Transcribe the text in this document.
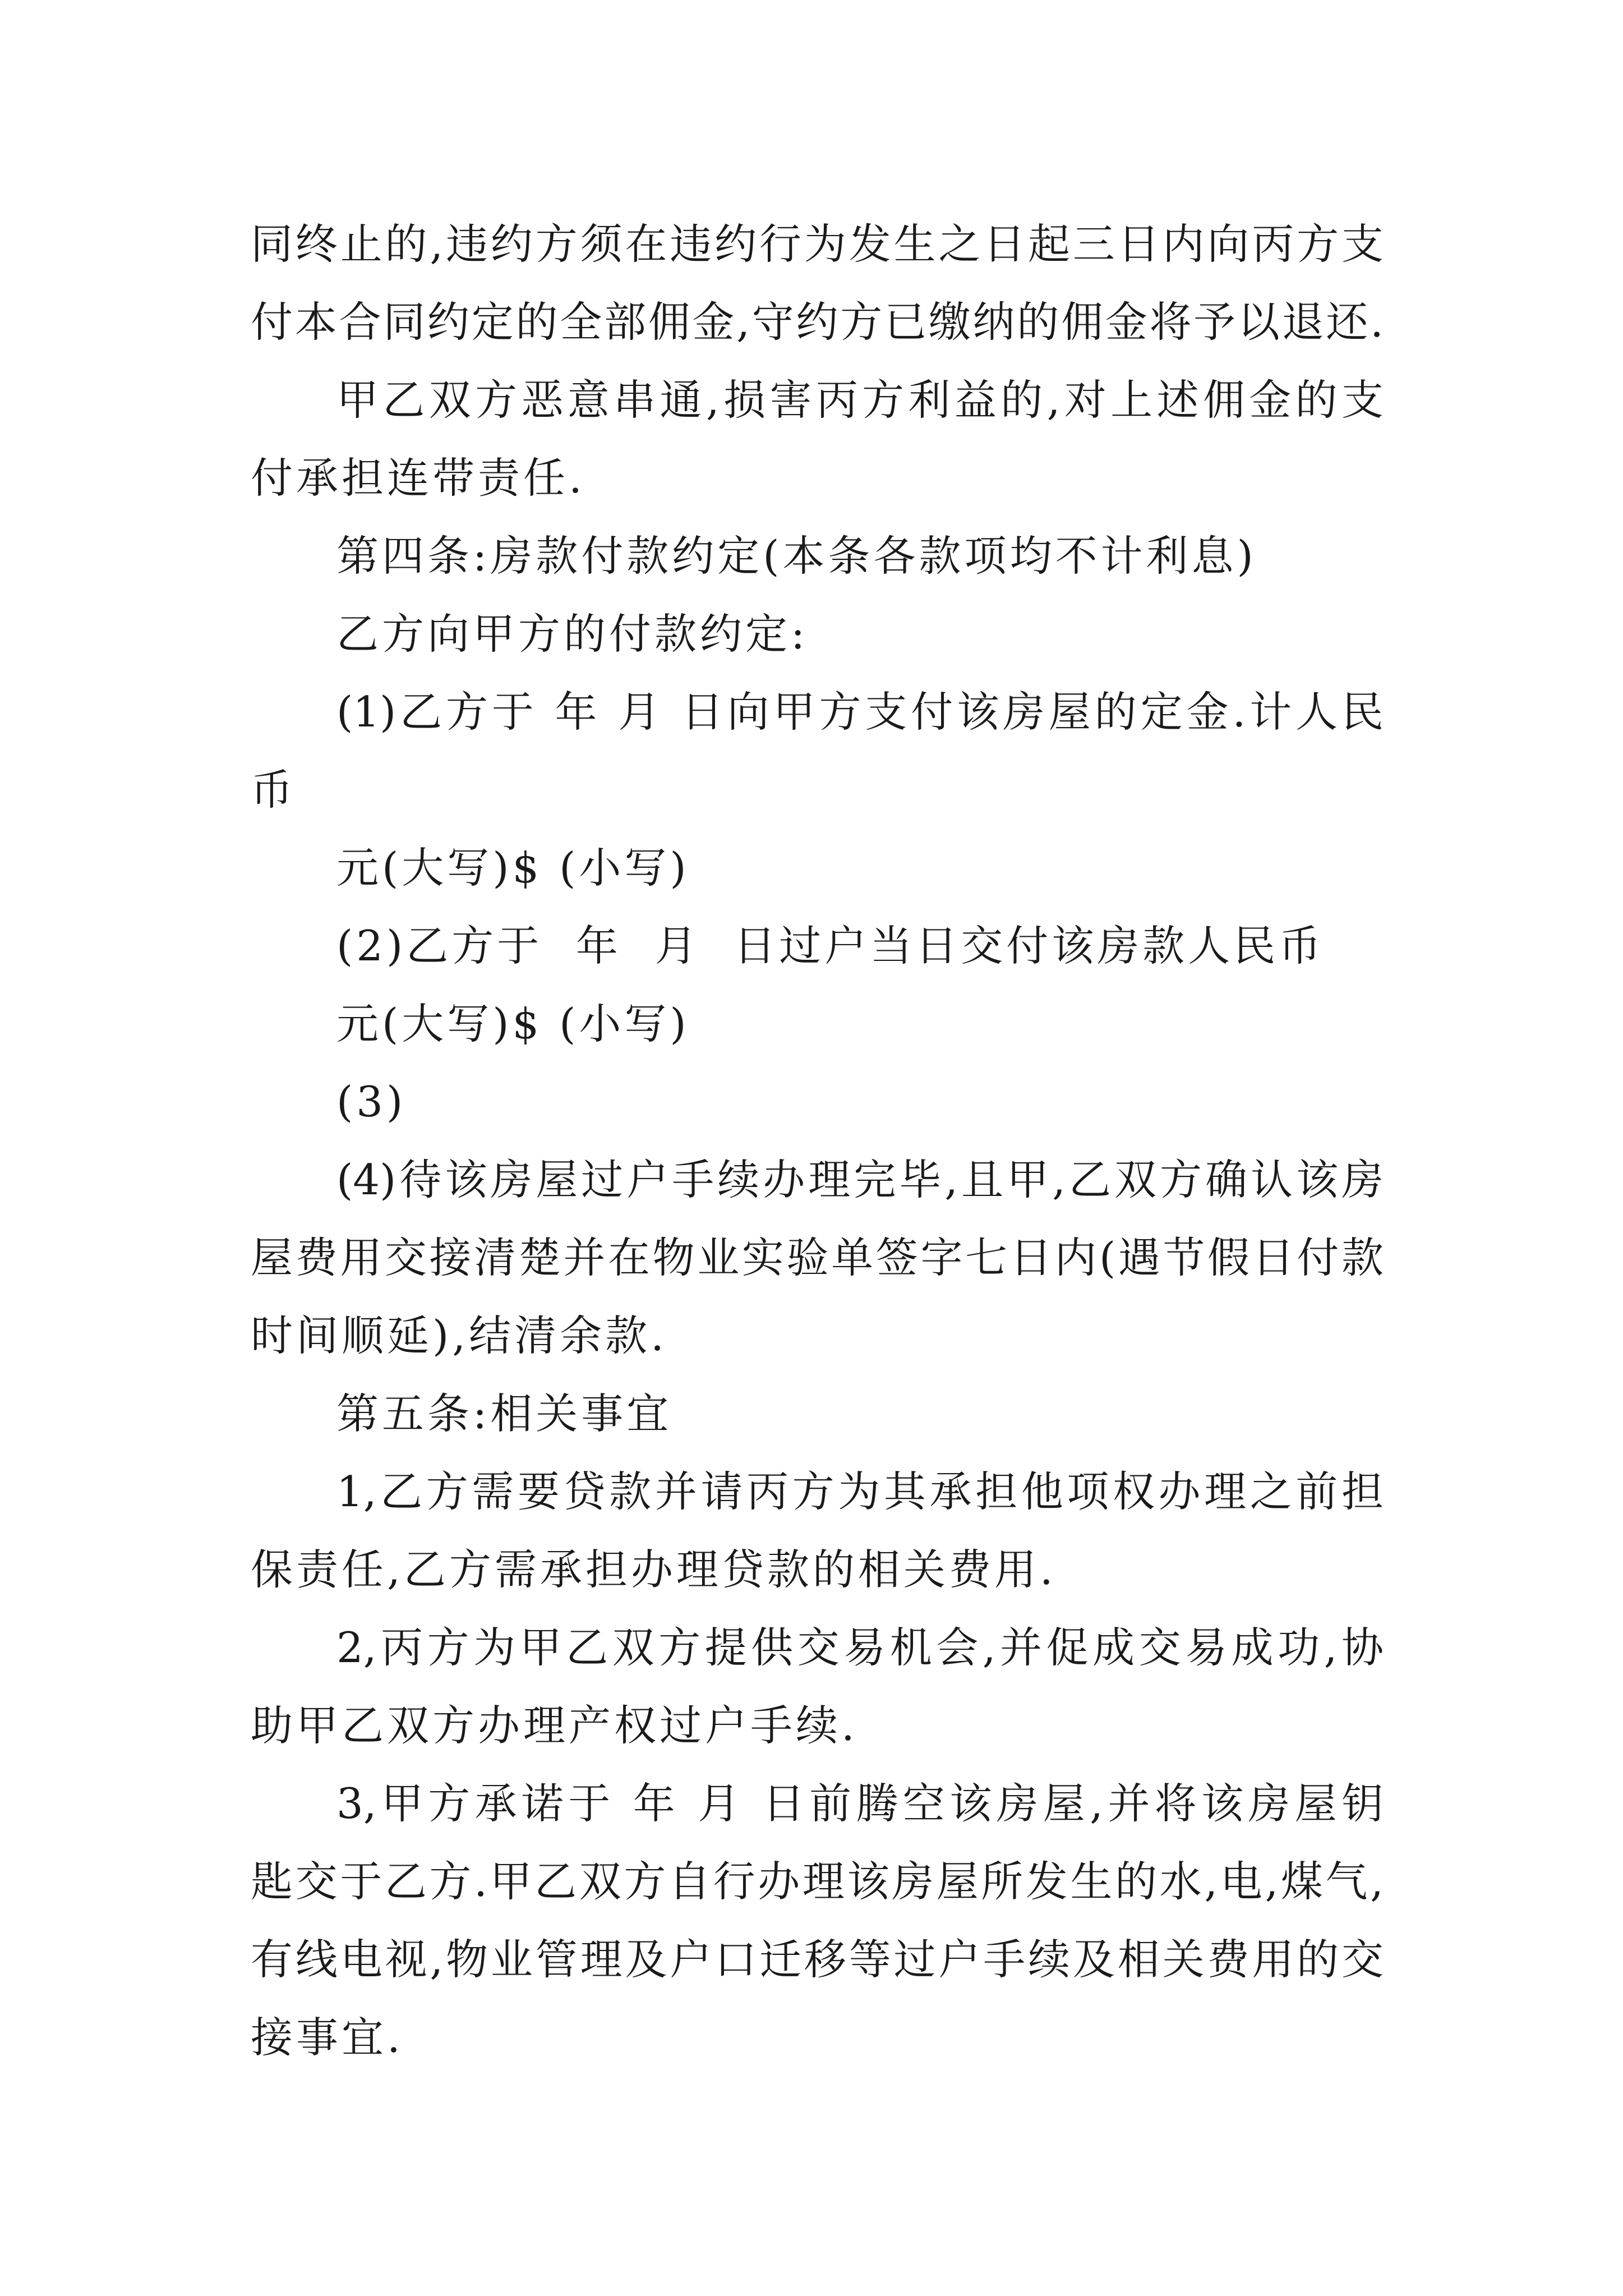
同终止的,违约方须在违约行为发生之日起三日内向丙方支
付本合同约定的全部佣金,守约方已缴纳的佣金将予以退还.
甲乙双方恶意串通,损害丙方利益的,对上述佣金的支
付承担连带责任.
第四条:房款付款约定(本条各款项均不计利息)
乙方向甲方的付款约定:
(1)乙方于 年 月 日向甲方支付该房屋的定金.计人民
币
元(大写)$ (小写)
(2)乙方于  年  月  日过户当日交付该房款人民币
元(大写)$ (小写)
(3)
(4)待该房屋过户手续办理完毕,且甲,乙双方确认该房
屋费用交接清楚并在物业实验单签字七日内(遇节假日付款
时间顺延),结清余款.
第五条:相关事宜
1,乙方需要贷款并请丙方为其承担他项权办理之前担
保责任,乙方需承担办理贷款的相关费用.
2,丙方为甲乙双方提供交易机会,并促成交易成功,协
助甲乙双方办理产权过户手续.
3,甲方承诺于 年 月 日前腾空该房屋,并将该房屋钥
匙交于乙方.甲乙双方自行办理该房屋所发生的水,电,煤气,
有线电视,物业管理及户口迁移等过户手续及相关费用的交
接事宜.
